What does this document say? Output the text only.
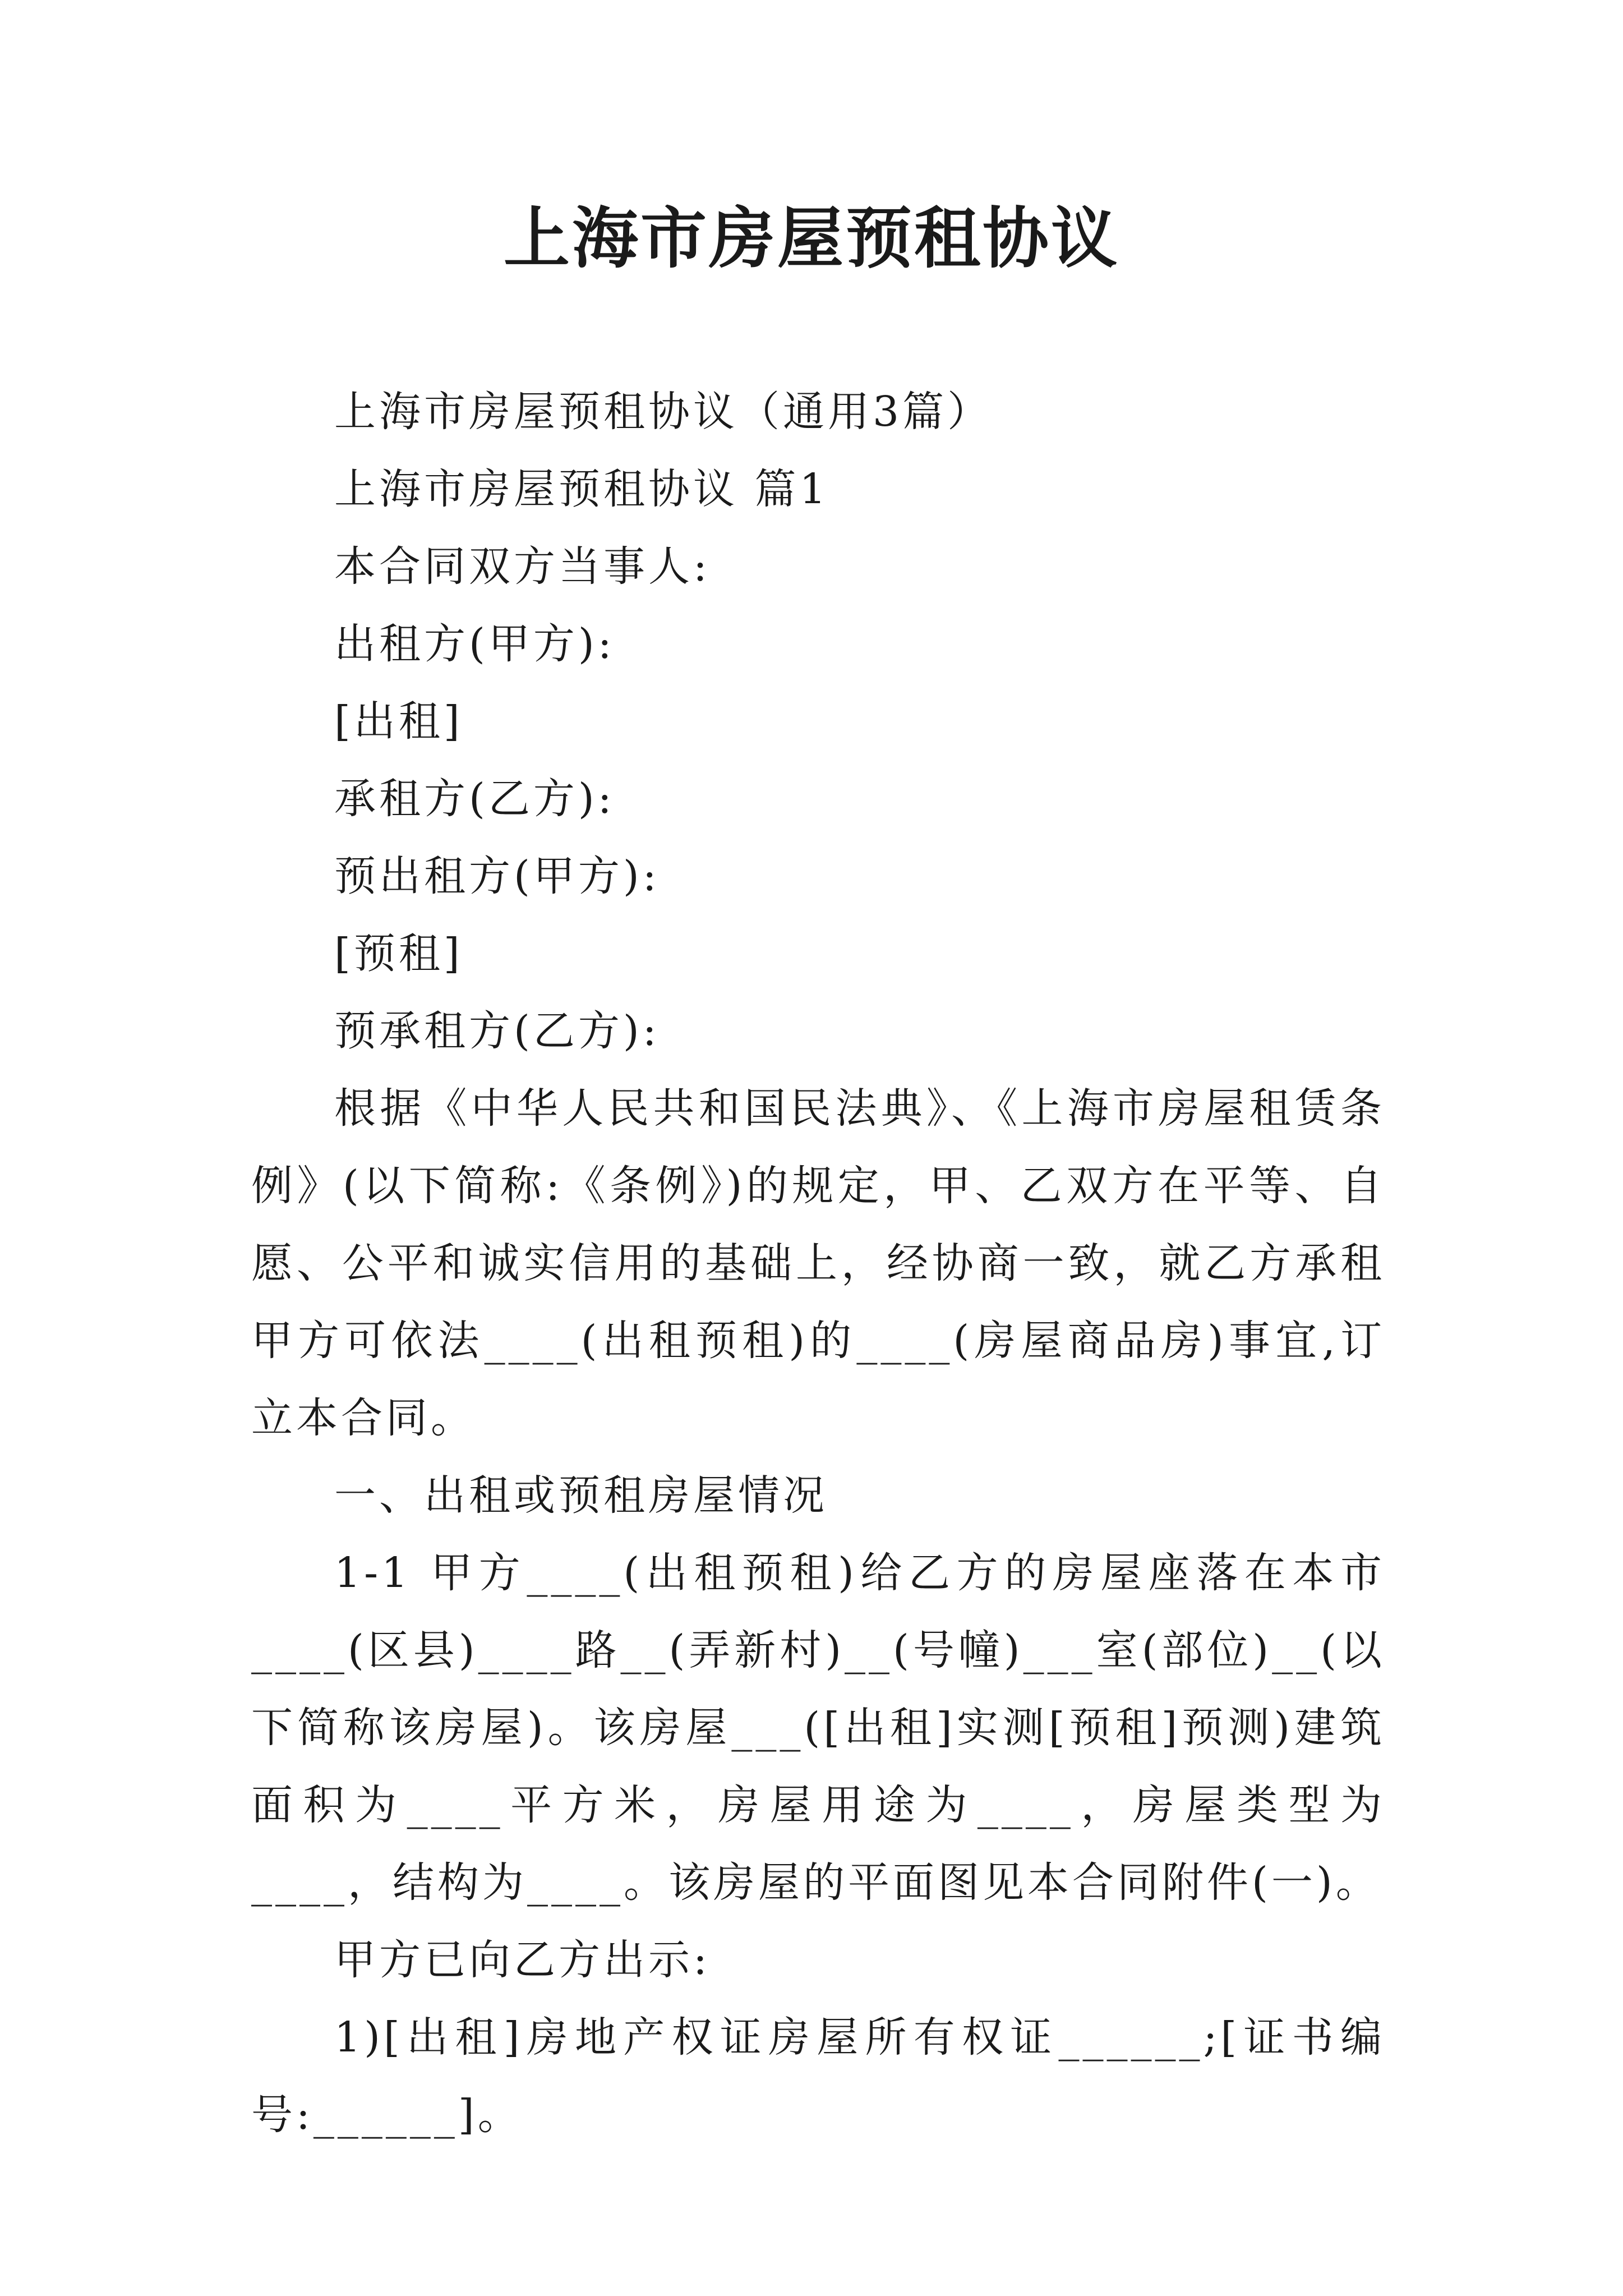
上海市房屋预租协议

上海市房屋预租协议（通用3篇）

上海市房屋预租协议 篇1

本合同双方当事人:

出租方(甲方):

[出租]

承租方(乙方):

预出租方(甲方):

[预租]

预承租方(乙方):

根据《中华人民共和国民法典》、《上海市房屋租赁条例》(以下简称:《条例》)的规定，甲、乙双方在平等、自愿、公平和诚实信用的基础上，经协商一致，就乙方承租甲方可依法____(出租预租)的____(房屋商品房)事宜,订立本合同。

一、出租或预租房屋情况

1-1 甲方____(出租预租)给乙方的房屋座落在本市____(区县)____路__(弄新村)__(号幢)___室(部位)__(以下简称该房屋)。该房屋___([出租]实测[预租]预测)建筑面积为____平方米，房屋用途为____，房屋类型为____，结构为____。该房屋的平面图见本合同附件(一)。

甲方已向乙方出示:

1)[出租]房地产权证房屋所有权证______;[证书编号:______]。
